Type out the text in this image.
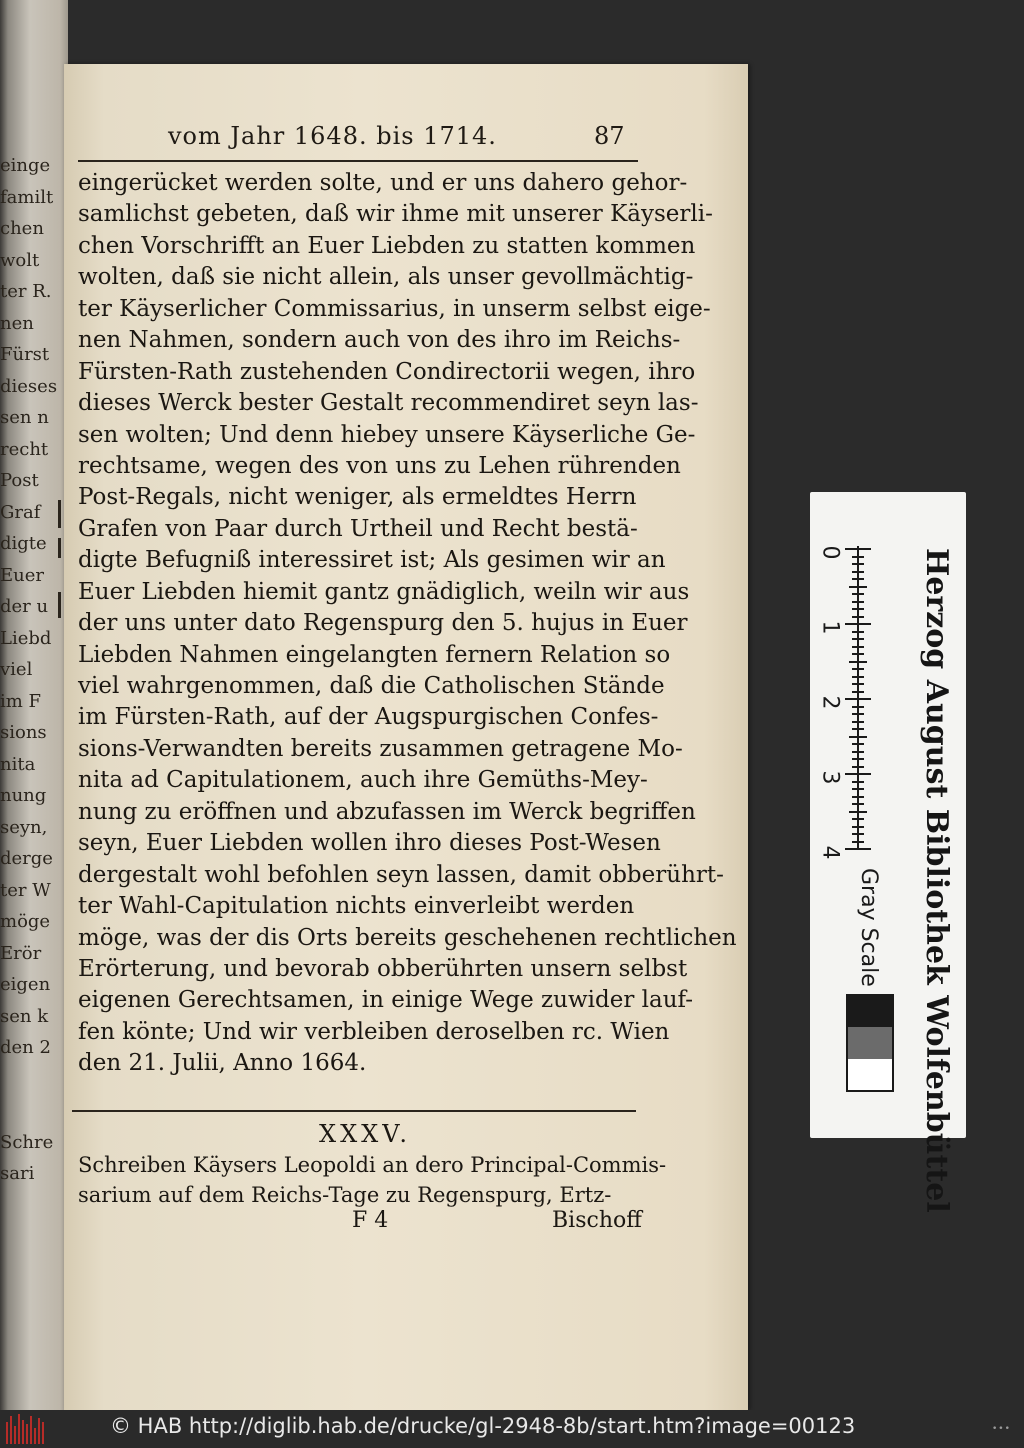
einge
familt
chen
wolt
ter R.
nen
Fürst
dieses
sen n
recht
Post
Graf
digte
Euer
der u
Liebd
viel
im F
sions
nita
nung
seyn,
derge
ter W
möge
Erör
eigen
sen k
den 2
Schre
sari
vom Jahr 1648. bis 1714.	87
eingerücket werden solte, und er uns dahero gehor-
samlichst gebeten, daß wir ihme mit unserer Käyserli-
chen Vorschrifft an Euer Liebden zu statten kommen
wolten, daß sie nicht allein, als unser gevollmächtig-
ter Käyserlicher Commissarius, in unserm selbst eige-
nen Nahmen, sondern auch von des ihro im Reichs-
Fürsten-Rath zustehenden Condirectorii wegen, ihro
dieses Werck bester Gestalt recommendiret seyn las-
sen wolten; Und denn hiebey unsere Käyserliche Ge-
rechtsame, wegen des von uns zu Lehen rührenden
Post-Regals, nicht weniger, als ermeldtes Herrn
Grafen von Paar durch Urtheil und Recht bestä-
digte Befugniß interessiret ist; Als gesimen wir an
Euer Liebden hiemit gantz gnädiglich, weiln wir aus
der uns unter dato Regenspurg den 5. hujus in Euer
Liebden Nahmen eingelangten fernern Relation so
viel wahrgenommen, daß die Catholischen Stände
im Fürsten-Rath, auf der Augspurgischen Confes-
sions-Verwandten bereits zusammen getragene Mo-
nita ad Capitulationem, auch ihre Gemüths-Mey-
nung zu eröffnen und abzufassen im Werck begriffen
seyn, Euer Liebden wollen ihro dieses Post-Wesen
dergestalt wohl befohlen seyn lassen, damit obberührt-
ter Wahl-Capitulation nichts einverleibt werden
möge, was der dis Orts bereits geschehenen rechtlichen
Erörterung, und bevorab obberührten unsern selbst
eigenen Gerechtsamen, in einige Wege zuwider lauf-
fen könte; Und wir verbleiben deroselben rc. Wien
den 21. Julii, Anno 1664.
XXXV.
Schreiben Käysers Leopoldi an dero Principal-Commis-
sarium auf dem Reichs-Tage zu Regenspurg, Ertz-
F 4	Bischoff
Herzog August Bibliothek Wolfenbüttel
0
1
2
3
4
Gray Scale
© HAB http://diglib.hab.de/drucke/gl-2948-8b/start.htm?image=00123	•••
